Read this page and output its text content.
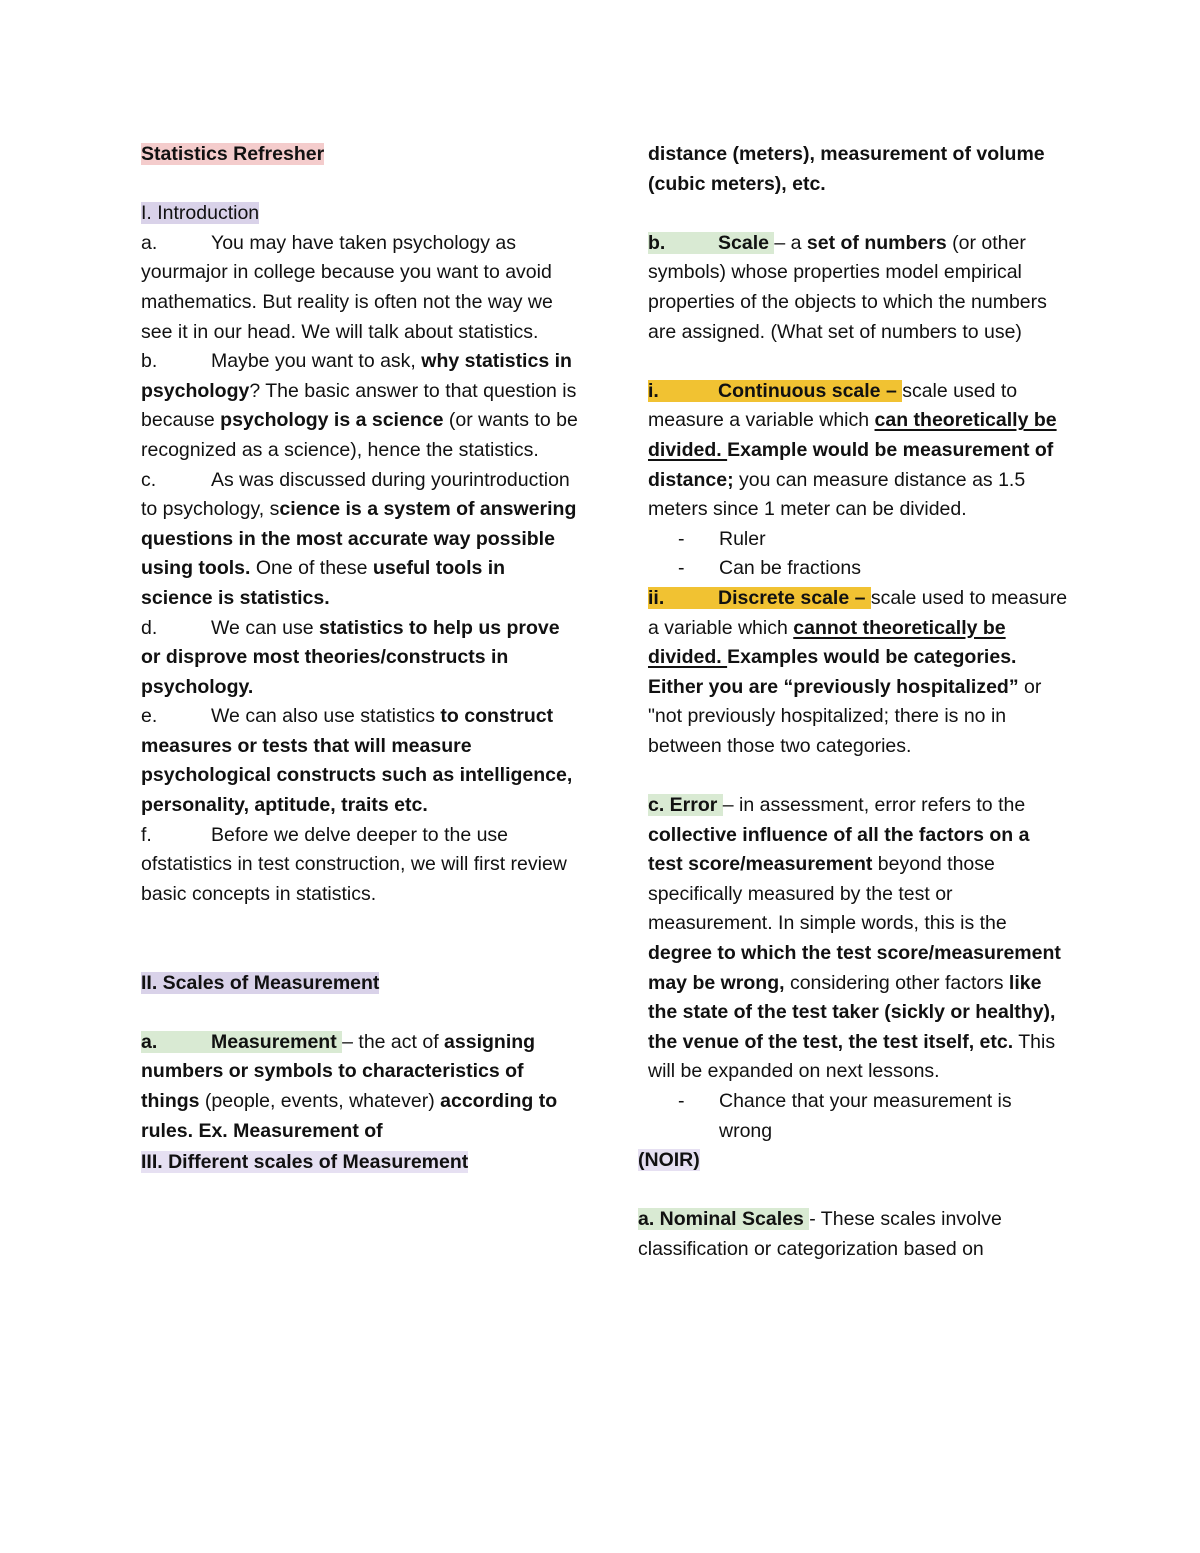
Statistics Refresher

I. Introduction

a.	You may have taken psychology as yourmajor in college because you want to avoid mathematics. But reality is often not the way we see it in our head. We will talk about statistics.

b.	Maybe you want to ask, why statistics in psychology? The basic answer to that question is because psychology is a science (or wants to be recognized as a science), hence the statistics.

c.	As was discussed during yourintroduction to psychology, science is a system of answering questions in the most accurate way possible using tools. One of these useful tools in science is statistics.

d.	We can use statistics to help us prove or disprove most theories/constructs in psychology.

e.	We can also use statistics to construct measures or tests that will measure psychological constructs such as intelligence, personality, aptitude, traits etc.

f.	Before we delve deeper to the use ofstatistics in test construction, we will first review basic concepts in statistics.

II. Scales of Measurement

a.	Measurement – the act of assigning numbers or symbols to characteristics of things (people, events, whatever) according to rules. Ex. Measurement of

III. Different scales of Measurement

distance (meters), measurement of volume (cubic meters), etc.

b.	Scale – a set of numbers (or other symbols) whose properties model empirical properties of the objects to which the numbers are assigned. (What set of numbers to use)

i.	Continuous scale – scale used to measure a variable which can theoretically be divided. Example would be measurement of distance; you can measure distance as 1.5 meters since 1 meter can be divided.

- Ruler

- Can be fractions

ii.	Discrete scale – scale used to measure a variable which cannot theoretically be divided. Examples would be categories. Either you are “previously hospitalized” or "not previously hospitalized; there is no in between those two categories.

c. Error – in assessment, error refers to the collective influence of all the factors on a test score/measurement beyond those specifically measured by the test or measurement. In simple words, this is the degree to which the test score/measurement may be wrong, considering other factors like the state of the test taker (sickly or healthy), the venue of the test, the test itself, etc. This will be expanded on next lessons.

-	Chance that your measurement is wrong

(NOIR)

a. Nominal Scales - These scales involve classification or categorization based on
